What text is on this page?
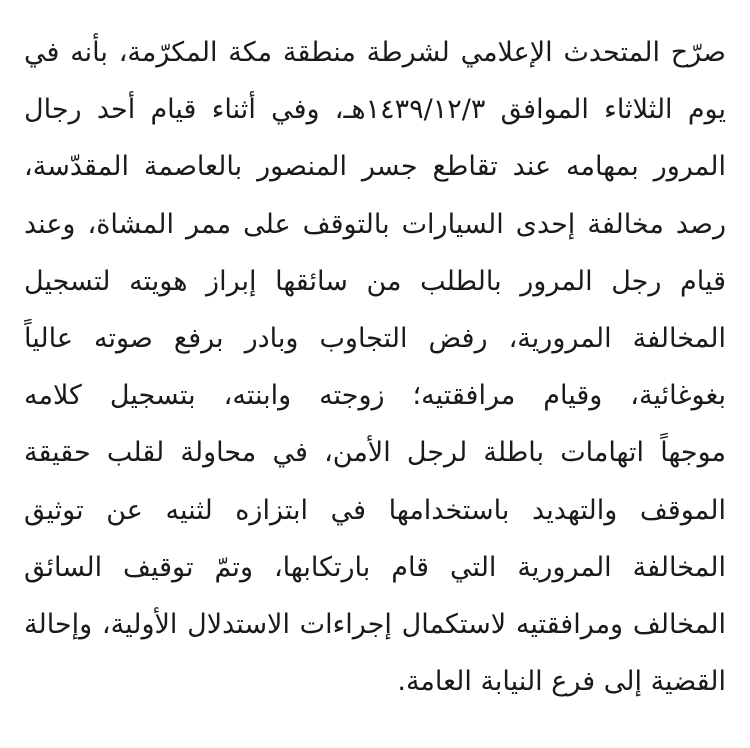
صرّح المتحدث الإعلامي لشرطة منطقة مكة المكرّمة، بأنه في
يوم الثلاثاء الموافق ١٤٣٩/١٢/٣هـ، وفي أثناء قيام أحد رجال
المرور بمهامه عند تقاطع جسر المنصور بالعاصمة المقدّسة،
رصد مخالفة إحدى السيارات بالتوقف على ممر المشاة، وعند
قيام رجل المرور بالطلب من سائقها إبراز هويته لتسجيل
المخالفة المرورية، رفض التجاوب وبادر برفع صوته عالياً
بغوغائية، وقيام مرافقتيه؛ زوجته وابنته، بتسجيل كلامه
موجهاً اتهامات باطلة لرجل الأمن، في محاولة لقلب حقيقة
الموقف والتهديد باستخدامها في ابتزازه لثنيه عن توثيق
المخالفة المرورية التي قام بارتكابها، وتمّ توقيف السائق
المخالف ومرافقتيه لاستكمال إجراءات الاستدلال الأولية، وإحالة
القضية إلى فرع النيابة العامة.
